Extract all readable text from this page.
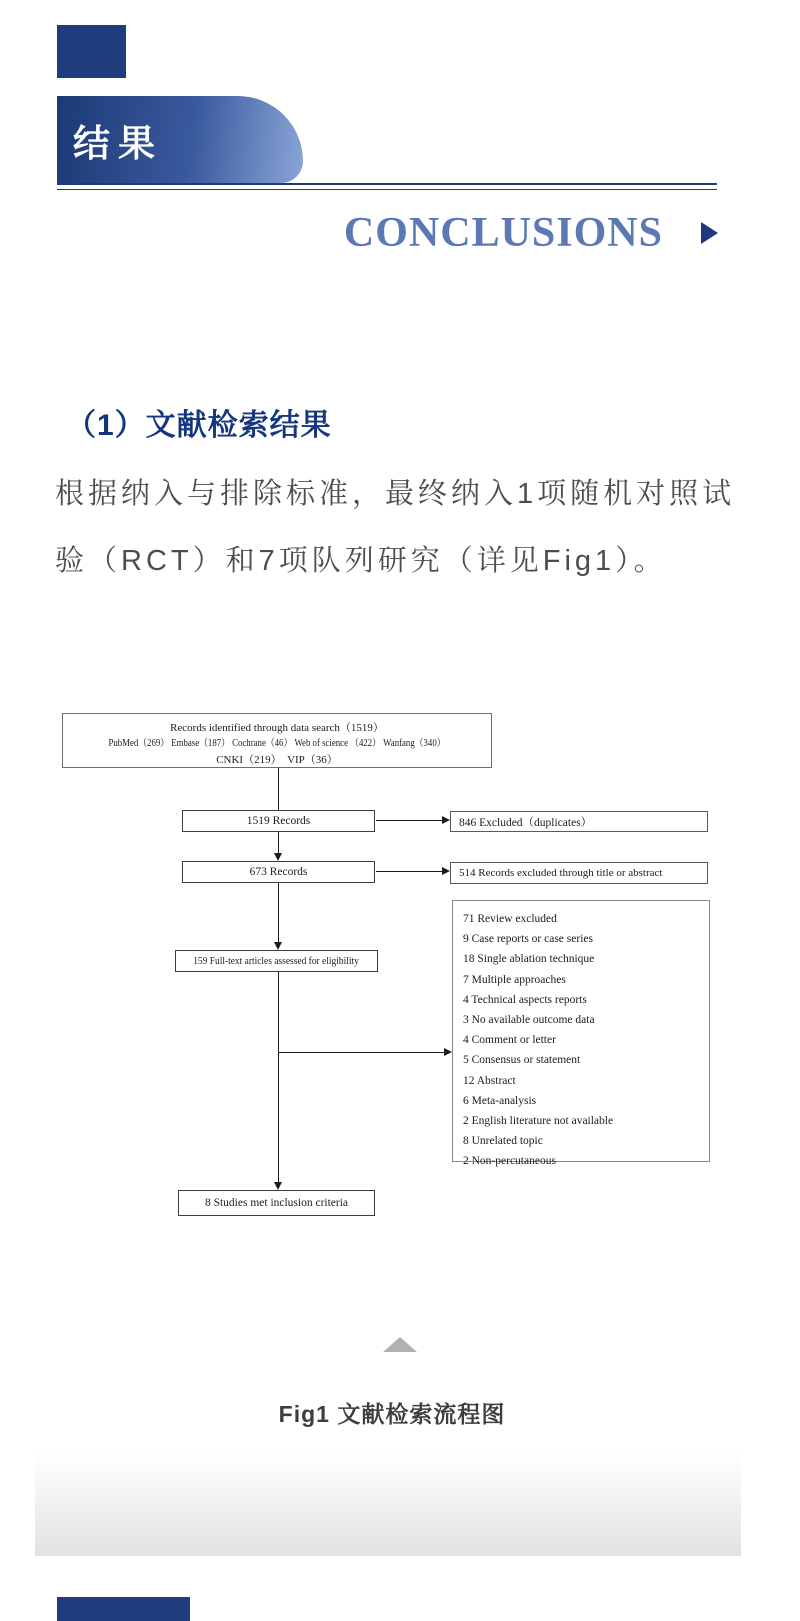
结果
CONCLUSIONS
（1）文献检索结果

根据纳入与排除标准，最终纳入1项随机对照试

验（RCT）和7项队列研究（详见Fig1）。

Records identified through data search（1519）
PubMed（269） Embase（187） Cochrane（46） Web of science （422） Wanfang（340）
CNKI（219）　VIP（36）
1519 Records	846 Excluded（duplicates）
673 Records	514 Records excluded through title or abstract
159 Full-text articles assessed for eligibility
71 Review excluded
9 Case reports or case series
18 Single ablation technique
7 Multiple approaches
4 Technical aspects reports
3 No available outcome data
4 Comment or letter
5 Consensus or statement
12 Abstract
6 Meta-analysis
2 English literature not available
8 Unrelated topic
2 Non-percutaneous
8 Studies met inclusion criteria
Fig1 文献检索流程图
